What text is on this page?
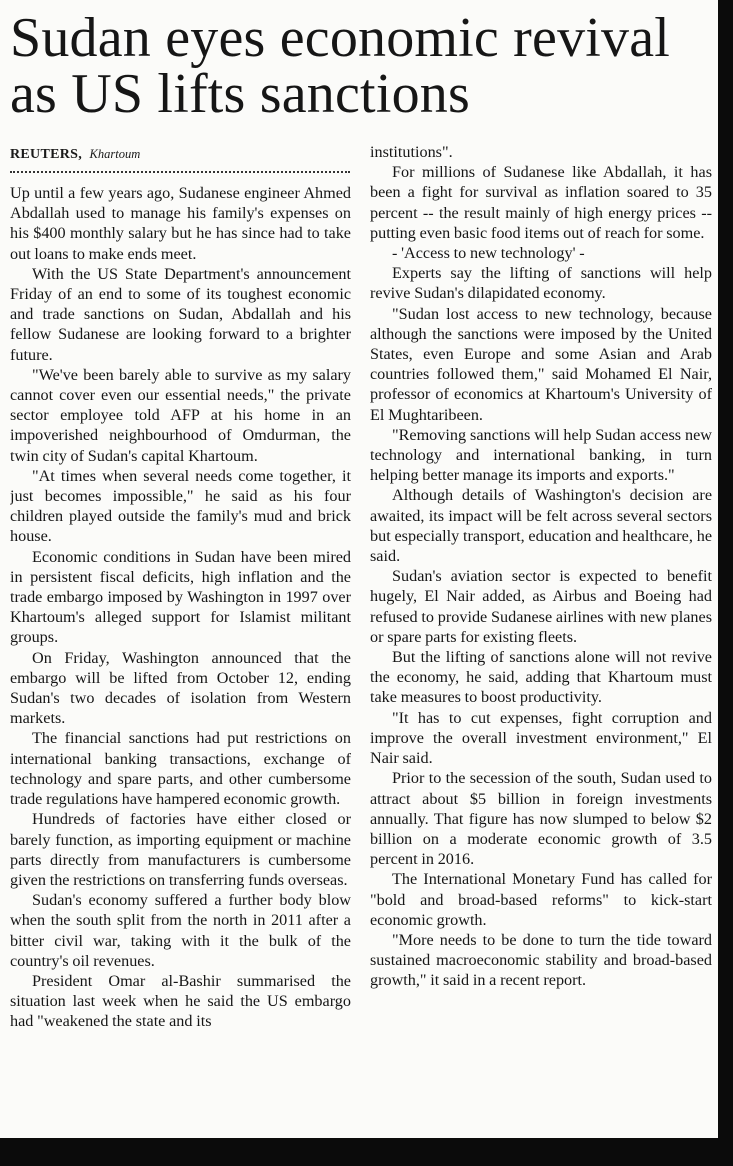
Sudan eyes economic revival as US lifts sanctions
REUTERS, Khartoum

Up until a few years ago, Sudanese engineer Ahmed Abdallah used to manage his family's expenses on his $400 monthly salary but he has since had to take out loans to make ends meet.

With the US State Department's announcement Friday of an end to some of its toughest economic and trade sanctions on Sudan, Abdallah and his fellow Sudanese are looking forward to a brighter future.

"We've been barely able to survive as my salary cannot cover even our essential needs," the private sector employee told AFP at his home in an impoverished neighbourhood of Omdurman, the twin city of Sudan's capital Khartoum.

"At times when several needs come together, it just becomes impossible," he said as his four children played outside the family's mud and brick house.

Economic conditions in Sudan have been mired in persistent fiscal deficits, high inflation and the trade embargo imposed by Washington in 1997 over Khartoum's alleged support for Islamist militant groups.

On Friday, Washington announced that the embargo will be lifted from October 12, ending Sudan's two decades of isolation from Western markets.

The financial sanctions had put restrictions on international banking transactions, exchange of technology and spare parts, and other cumbersome trade regulations have hampered economic growth.

Hundreds of factories have either closed or barely function, as importing equipment or machine parts directly from manufacturers is cumbersome given the restrictions on transferring funds overseas.

Sudan's economy suffered a further body blow when the south split from the north in 2011 after a bitter civil war, taking with it the bulk of the country's oil revenues.

President Omar al-Bashir summarised the situation last week when he said the US embargo had "weakened the state and its

institutions".

For millions of Sudanese like Abdallah, it has been a fight for survival as inflation soared to 35 percent -- the result mainly of high energy prices -- putting even basic food items out of reach for some.

- 'Access to new technology' -

Experts say the lifting of sanctions will help revive Sudan's dilapidated economy.

"Sudan lost access to new technology, because although the sanctions were imposed by the United States, even Europe and some Asian and Arab countries followed them," said Mohamed El Nair, professor of economics at Khartoum's University of El Mughtaribeen.

"Removing sanctions will help Sudan access new technology and international banking, in turn helping better manage its imports and exports."

Although details of Washington's decision are awaited, its impact will be felt across several sectors but especially transport, education and healthcare, he said.

Sudan's aviation sector is expected to benefit hugely, El Nair added, as Airbus and Boeing had refused to provide Sudanese airlines with new planes or spare parts for existing fleets.

But the lifting of sanctions alone will not revive the economy, he said, adding that Khartoum must take measures to boost productivity.

"It has to cut expenses, fight corruption and improve the overall investment environment," El Nair said.

Prior to the secession of the south, Sudan used to attract about $5 billion in foreign investments annually. That figure has now slumped to below $2 billion on a moderate economic growth of 3.5 percent in 2016.

The International Monetary Fund has called for "bold and broad-based reforms" to kick-start economic growth.

"More needs to be done to turn the tide toward sustained macroeconomic stability and broad-based growth," it said in a recent report.
